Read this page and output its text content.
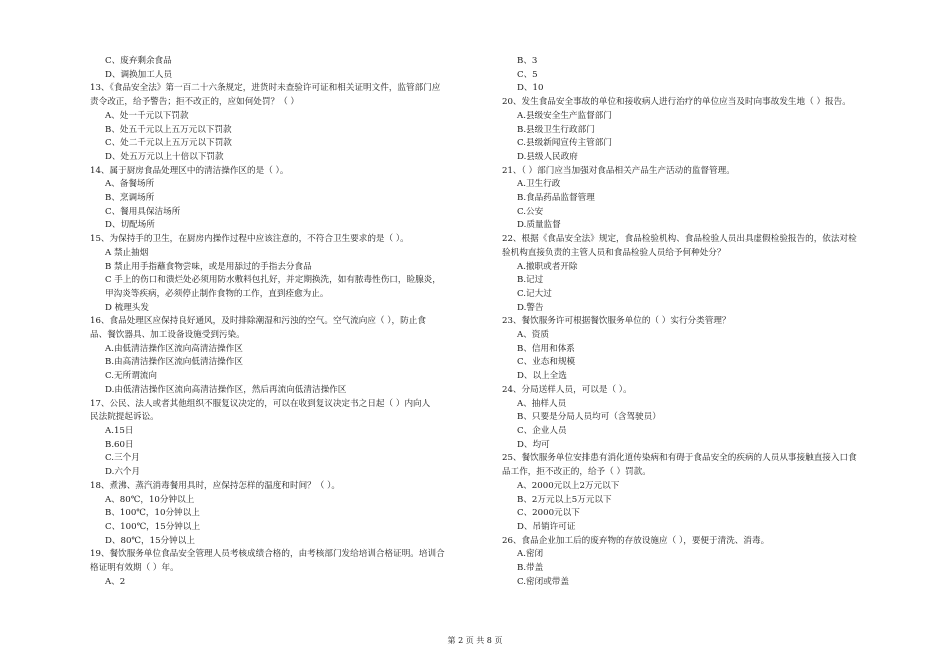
C、废弃剩余食品
D、调换加工人员
13、《食品安全法》第一百二十六条规定，进货时未查验许可证和相关证明文件，监管部门应
责令改正，给予警告；拒不改正的，应如何处罚？（ ）
A、处一千元以下罚款
B、处五千元以上五万元以下罚款
C、处二千元以上五万元以下罚款
D、处五万元以上十倍以下罚款
14、属于厨房食品处理区中的清洁操作区的是（ ）。
A、备餐场所
B、烹调场所
C、餐用具保洁场所
D、切配场所
15、为保持手的卫生，在厨房内操作过程中应该注意的，不符合卫生要求的是（ ）。
A 禁止抽烟
B 禁止用手指蘸食物尝味，或是用舔过的手指去分食品
C 手上的伤口和溃烂处必须用防水敷料包扎好，并定期换洗，如有脓毒性伤口，睑腺炎，
甲沟炎等疾病，必须停止制作食物的工作，直到痊愈为止。
D 梳理头发
16、食品处理区应保持良好通风，及时排除潮湿和污浊的空气。空气流向应（ ），防止食
品、餐饮器具、加工设备设施受到污染。
A.由低清洁操作区流向高清洁操作区
B.由高清洁操作区流向低清洁操作区
C.无所谓流向
D.由低清洁操作区流向高清洁操作区，然后再流向低清洁操作区
17、公民、法人或者其他组织不服复议决定的，可以在收到复议决定书之日起（ ）内向人
民法院提起诉讼。
A.15日
B.60日
C.三个月
D.六个月
18、煮沸、蒸汽消毒餐用具时，应保持怎样的温度和时间？（ ）。
A、80℃，10分钟以上
B、100℃，10分钟以上
C、100℃，15分钟以上
D、80℃，15分钟以上
19、餐饮服务单位食品安全管理人员考核成绩合格的，由考核部门发给培训合格证明。培训合
格证明有效期（ ）年。
A、2
B、3
C、5
D、10
20、发生食品安全事故的单位和接收病人进行治疗的单位应当及时向事故发生地（ ）报告。
A.县级安全生产监督部门
B.县级卫生行政部门
C.县级新闻宣传主管部门
D.县级人民政府
21、（ ）部门应当加强对食品相关产品生产活动的监督管理。
A.卫生行政
B.食品药品监督管理
C.公安
D.质量监督
22、根据《食品安全法》规定，食品检验机构、食品检验人员出具虚假检验报告的，依法对检
验机构直接负责的主管人员和食品检验人员给予何种处分？
A.撤职或者开除
B.记过
C.记大过
D.警告
23、餐饮服务许可根据餐饮服务单位的（ ）实行分类管理？
A、资质
B、信用和体系
C、业态和规模
D、以上全选
24、分局送样人员，可以是（ ）。
A、抽样人员
B、只要是分局人员均可（含驾驶员）
C、企业人员
D、均可
25、餐饮服务单位安排患有消化道传染病和有碍于食品安全的疾病的人员从事接触直接入口食
品工作，拒不改正的，给予（ ）罚款。
A、2000元以上2万元以下
B、2万元以上5万元以下
C、2000元以下
D、吊销许可证
26、食品企业加工后的废弃物的存放设施应（ ），要便于清洗、消毒。
A.密闭
B.带盖
C.密闭或带盖
第 2 页 共 8 页
